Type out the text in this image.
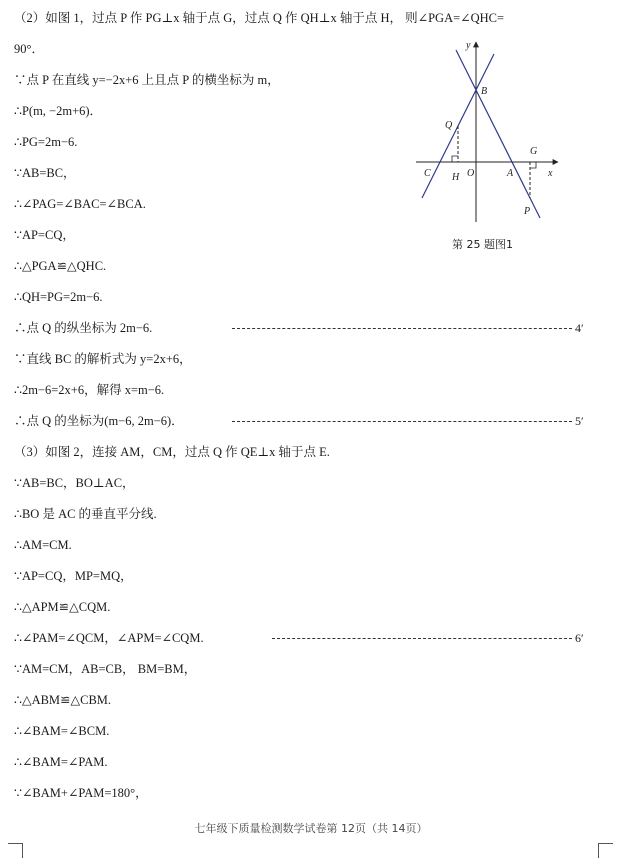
（2）如图 1，过点 P 作 PG⊥x 轴于点 G，过点 Q 作 QH⊥x 轴于点 H， 则∠PGA=∠QHC=
90°．
∵点 P 在直线 y=−2x+6 上且点 P 的横坐标为 m，
∴P(m, −2m+6)．
∴PG=2m−6.
∵AB=BC，
∴∠PAG=∠BAC=∠BCA.
∵AP=CQ，
∴△PGA≌△QHC.
∴QH=PG=2m−6.
∴点 Q 的纵坐标为 2m−6.
∵直线 BC 的解析式为 y=2x+6，
∴2m−6=2x+6，解得 x=m−6.
∴点 Q 的坐标为(m−6, 2m−6)．
（3）如图 2，连接 AM，CM，过点 Q 作 QE⊥x 轴于点 E.
∵AB=BC，BO⊥AC，
∴BO 是 AC 的垂直平分线.
∴AM=CM.
∵AP=CQ，MP=MQ，
∴△APM≌△CQM.
∴∠PAM=∠QCM，∠APM=∠CQM.
∵AM=CM，AB=CB， BM=BM，
∴△ABM≌△CBM.
∴∠BAM=∠BCM.
∴∠BAM=∠PAM.
∵∠BAM+∠PAM=180°，
4′
5′
6′
y
x
B
Q
G
C H O	A
P
第 25 题图1
七年级下质量检测数学试卷第 12页（共 14页）
